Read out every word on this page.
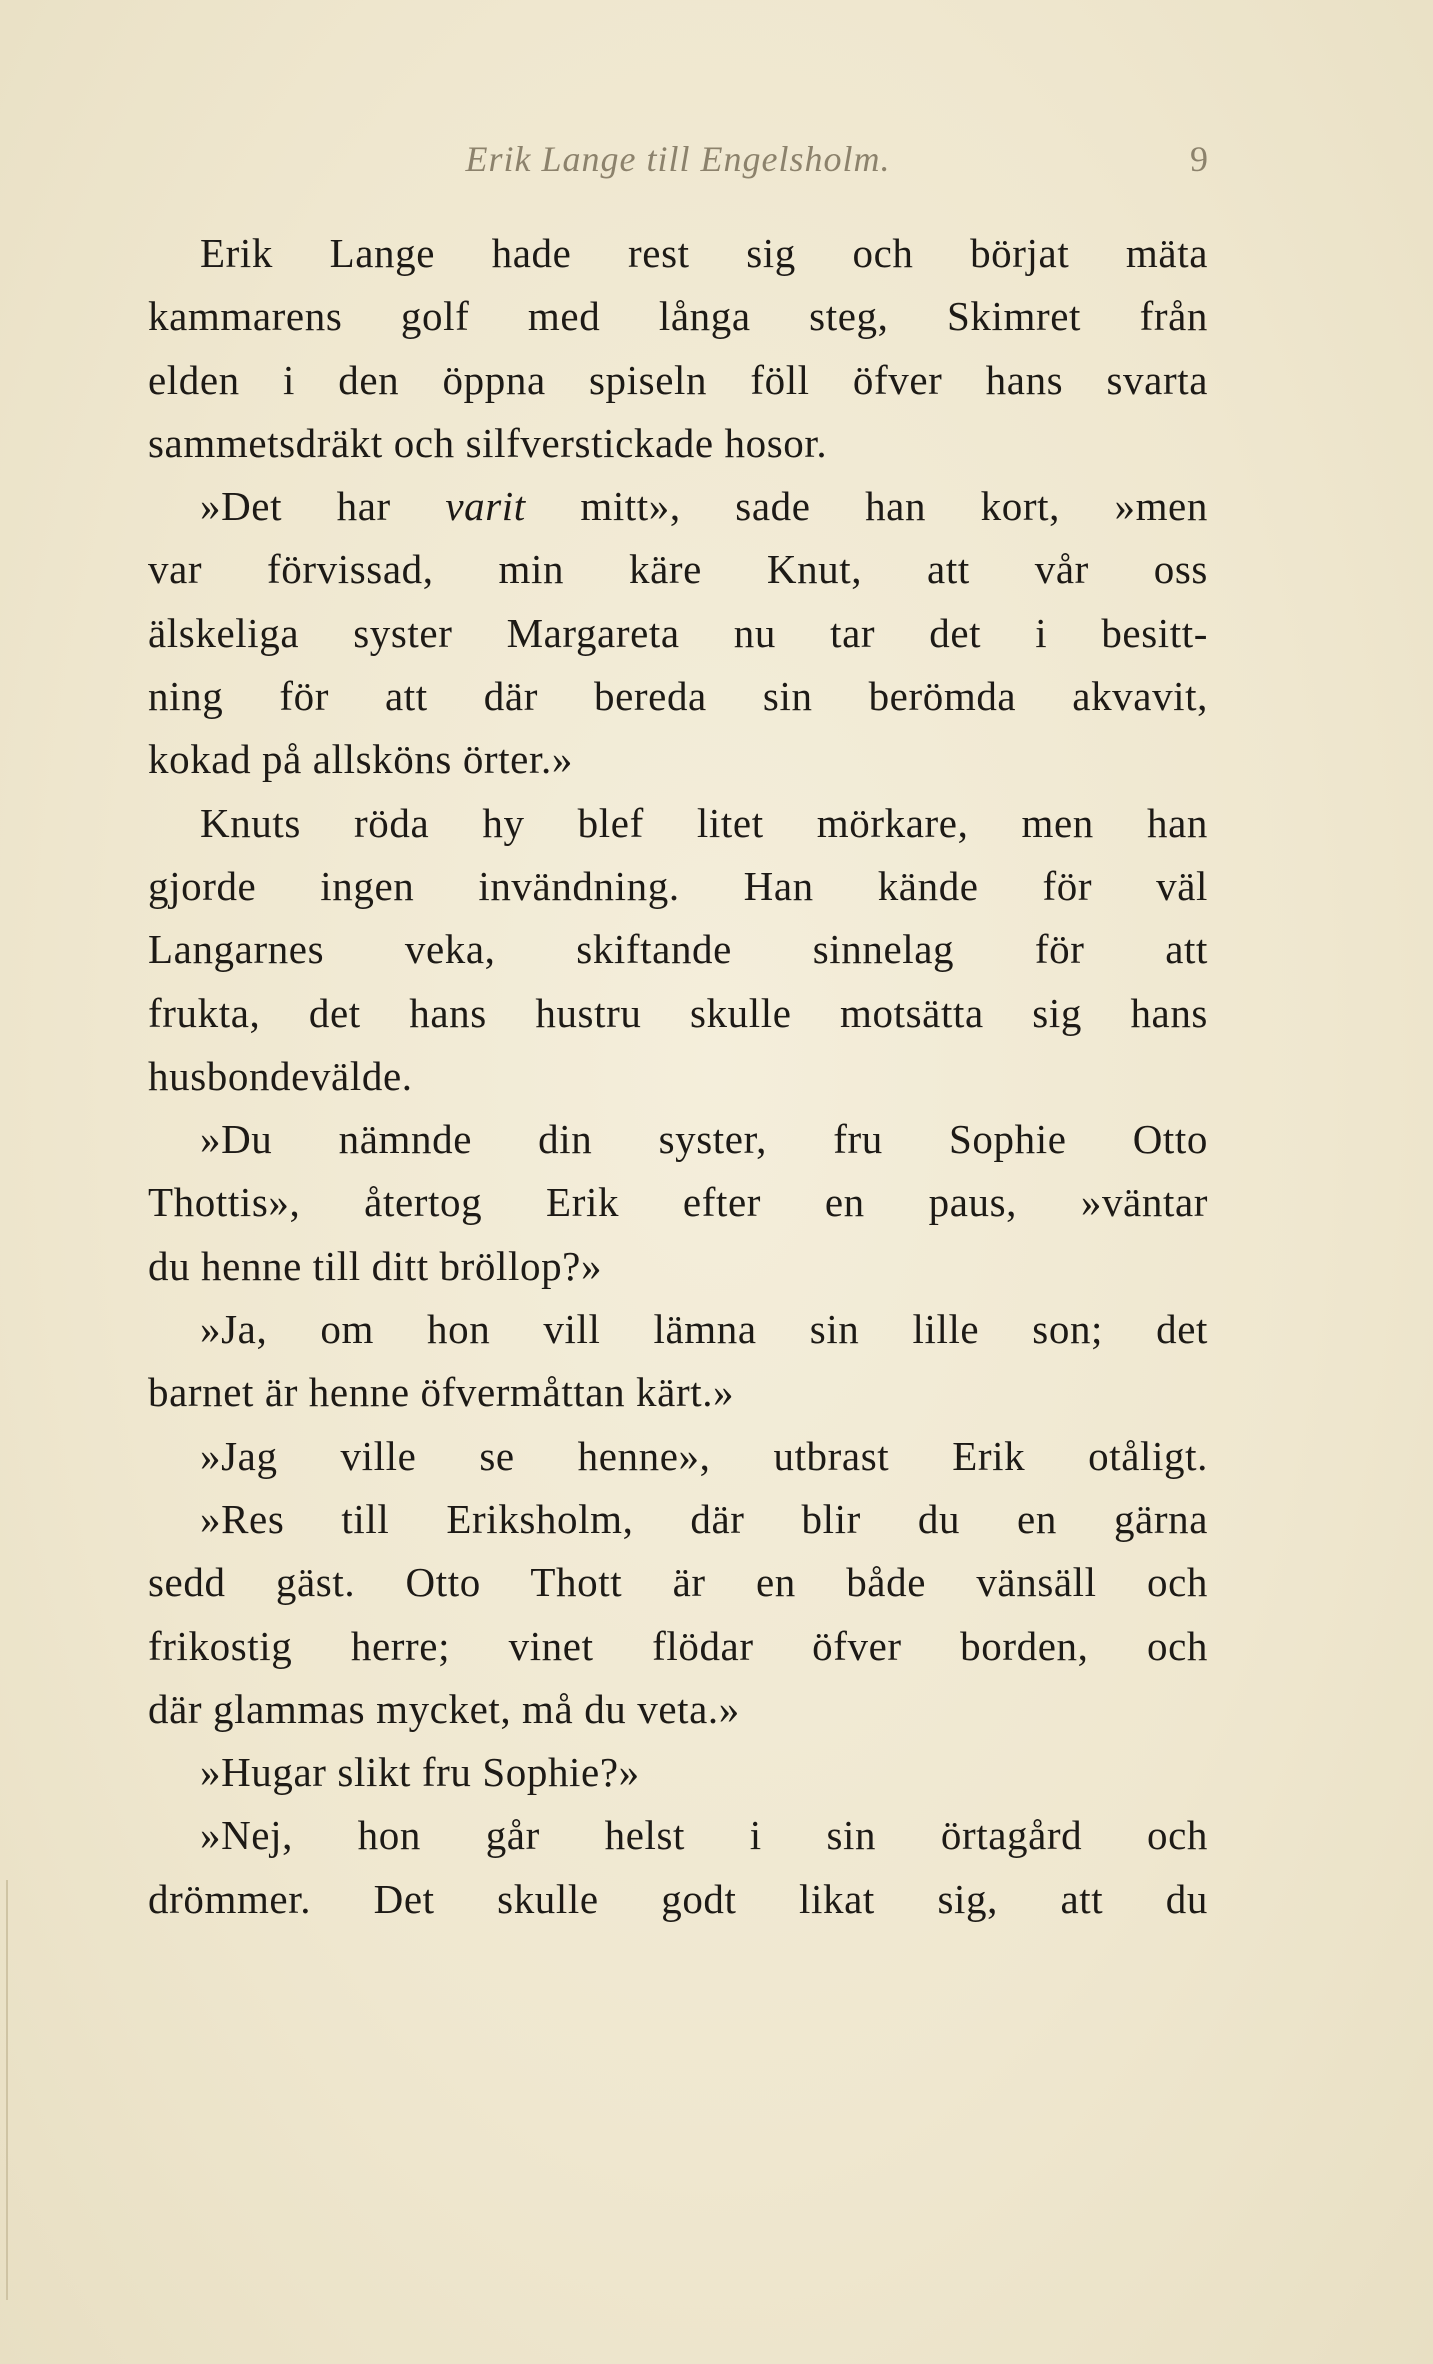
Erik Lange till Engelsholm.	9
Erik Lange hade rest sig och börjat mäta
kammarens golf med långa steg, Skimret från
elden i den öppna spiseln föll öfver hans svarta
sammetsdräkt och silfverstickade hosor.
»Det har varit mitt», sade han kort, »men
var förvissad, min käre Knut, att vår oss
älskeliga syster Margareta nu tar det i besitt-
ning för att där bereda sin berömda akvavit,
kokad på allsköns örter.»
Knuts röda hy blef litet mörkare, men han
gjorde ingen invändning. Han kände för väl
Langarnes veka, skiftande sinnelag för att
frukta, det hans hustru skulle motsätta sig hans
husbondevälde.
»Du nämnde din syster, fru Sophie Otto
Thottis», återtog Erik efter en paus, »väntar
du henne till ditt bröllop?»
»Ja, om hon vill lämna sin lille son; det
barnet är henne öfvermåttan kärt.»
»Jag ville se henne», utbrast Erik otåligt.
»Res till Eriksholm, där blir du en gärna
sedd gäst. Otto Thott är en både vänsäll och
frikostig herre; vinet flödar öfver borden, och
där glammas mycket, må du veta.»
»Hugar slikt fru Sophie?»
»Nej, hon går helst i sin örtagård och
drömmer. Det skulle godt likat sig, att du
